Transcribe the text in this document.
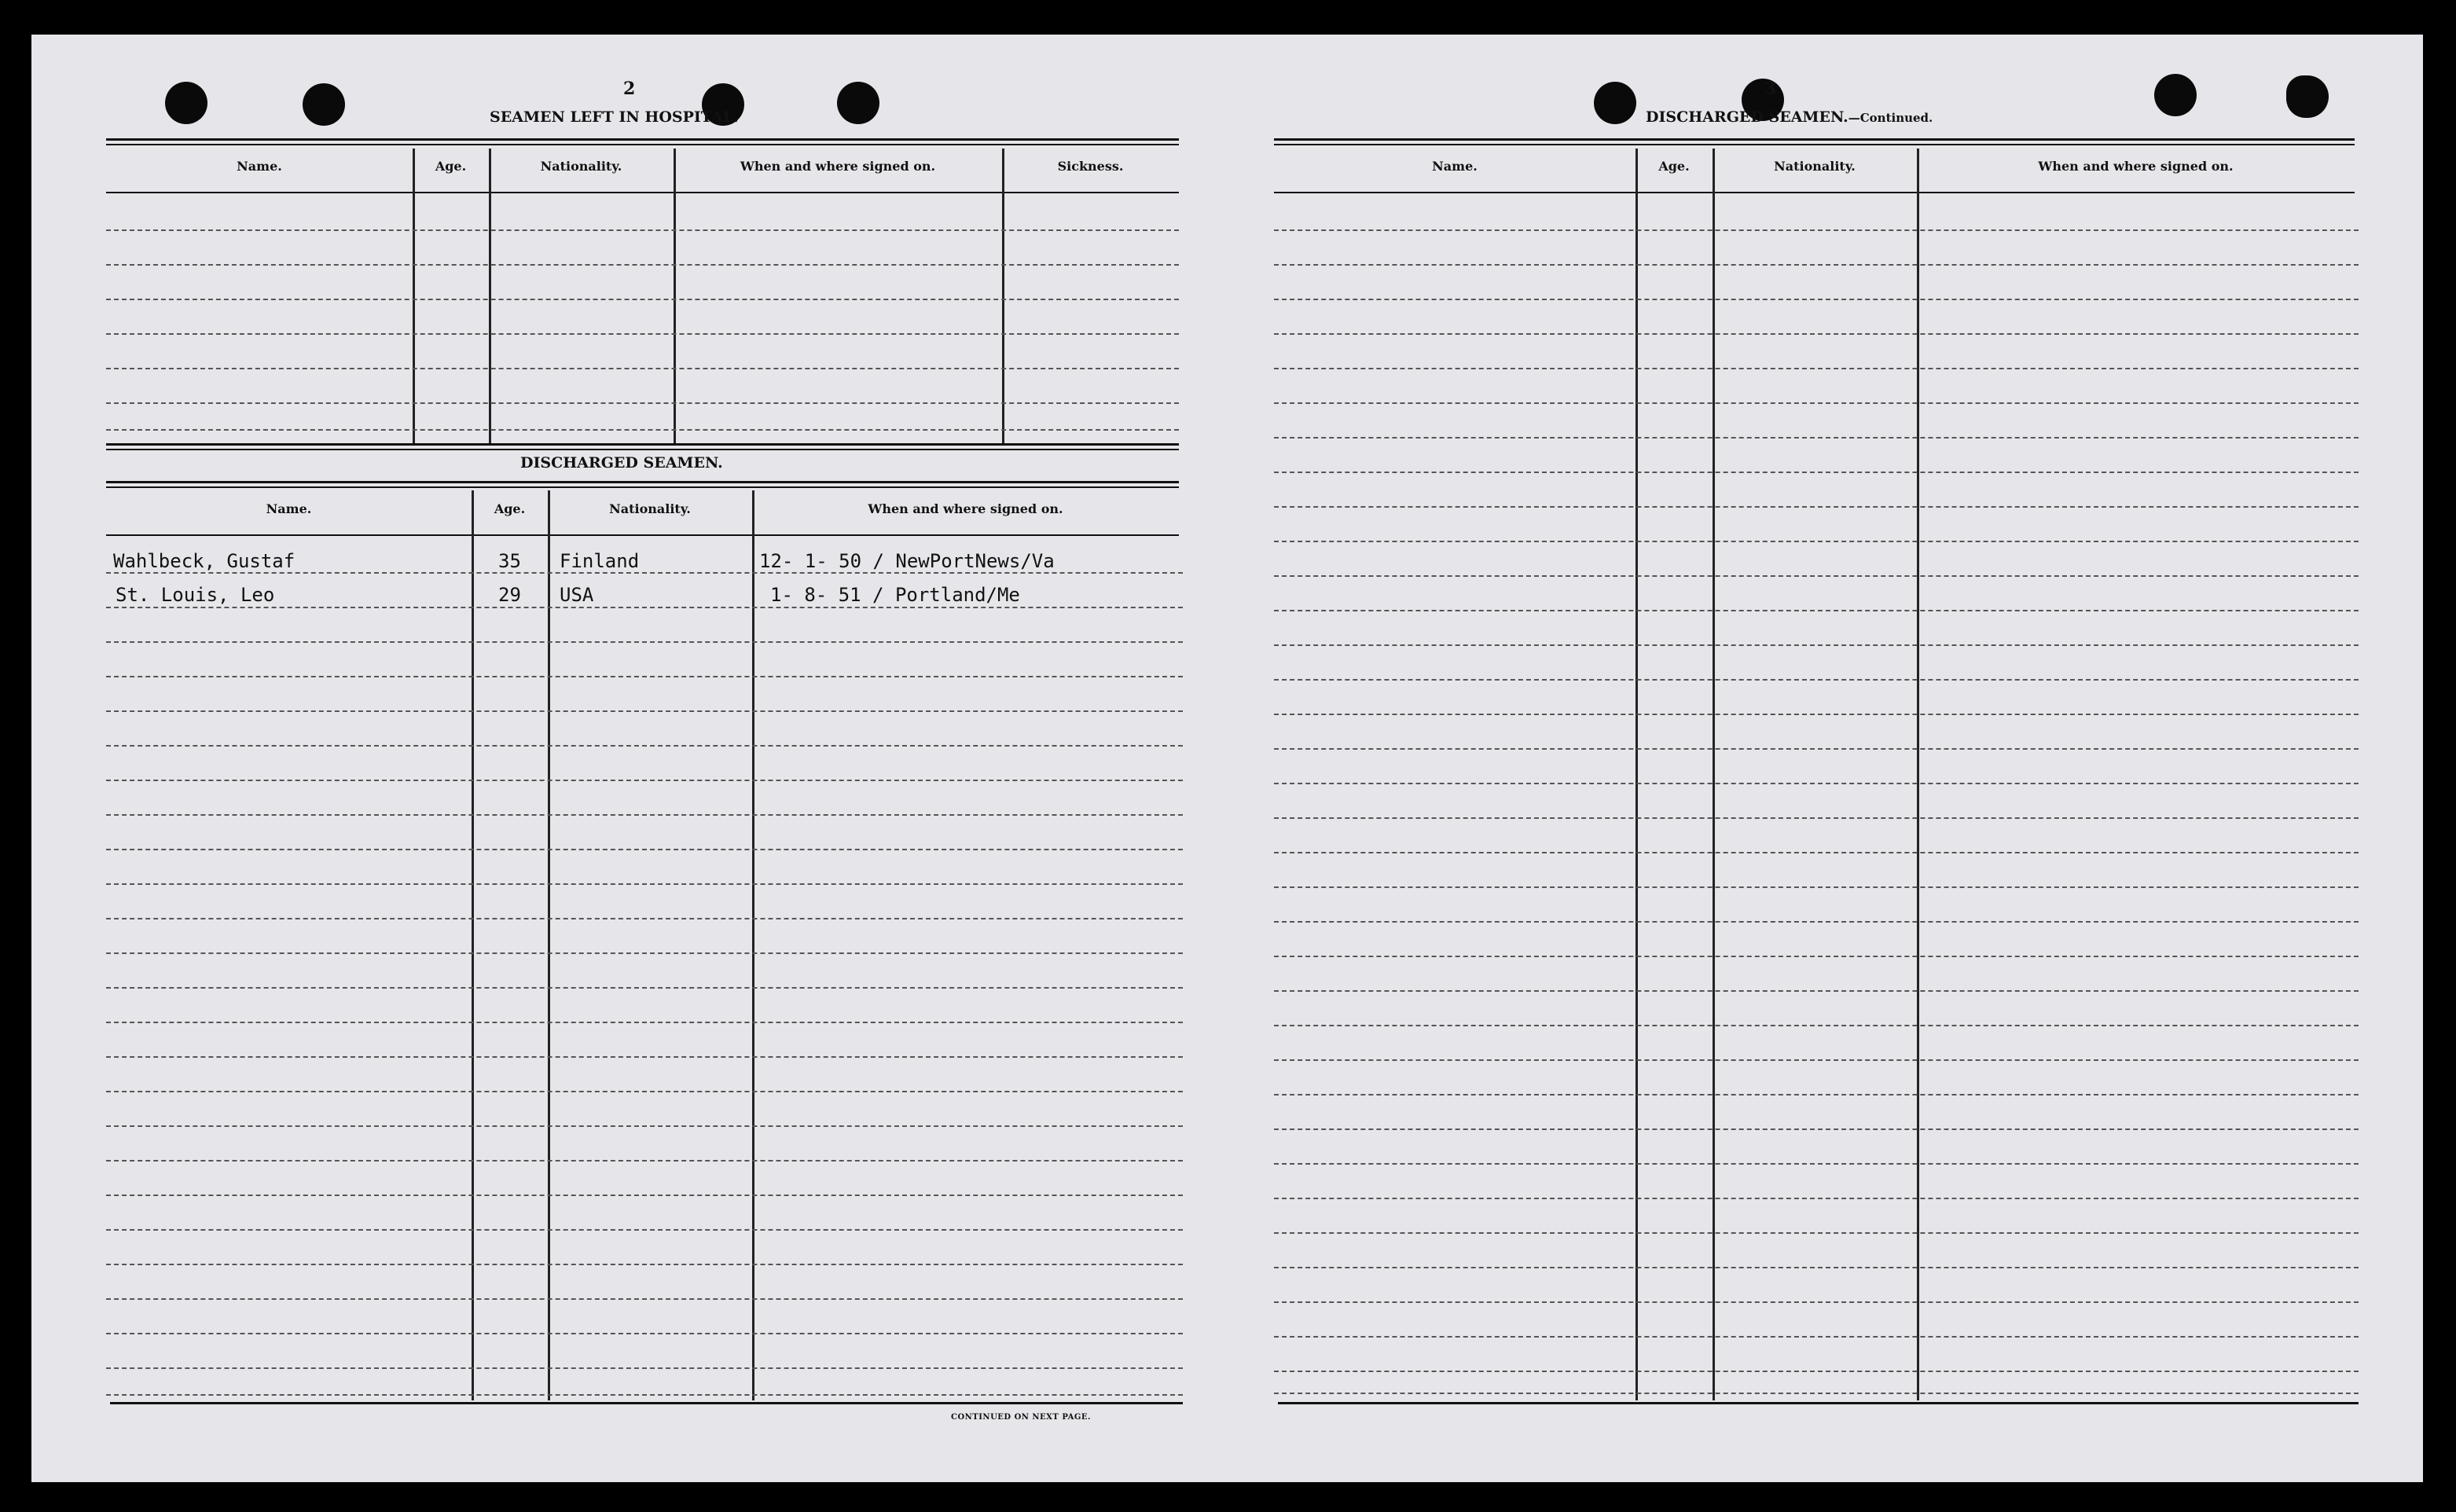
2
SEAMEN LEFT IN HOSPITAL.
Name.	Age.	Nationality.	When and where signed on.	Sickness.
DISCHARGED SEAMEN.
Name.	Age.	Nationality.	When and where signed on.
Wahlbeck, Gustaf	35 Finland	12- 1- 50 / NewPortNews/Va
St. Louis, Leo	29 USA	1- 8- 51 / Portland/Me
CONTINUED ON NEXT PAGE.
3
DISCHARGED SEAMEN.—Continued.
Name.	Age.	Nationality.	When and where signed on.
